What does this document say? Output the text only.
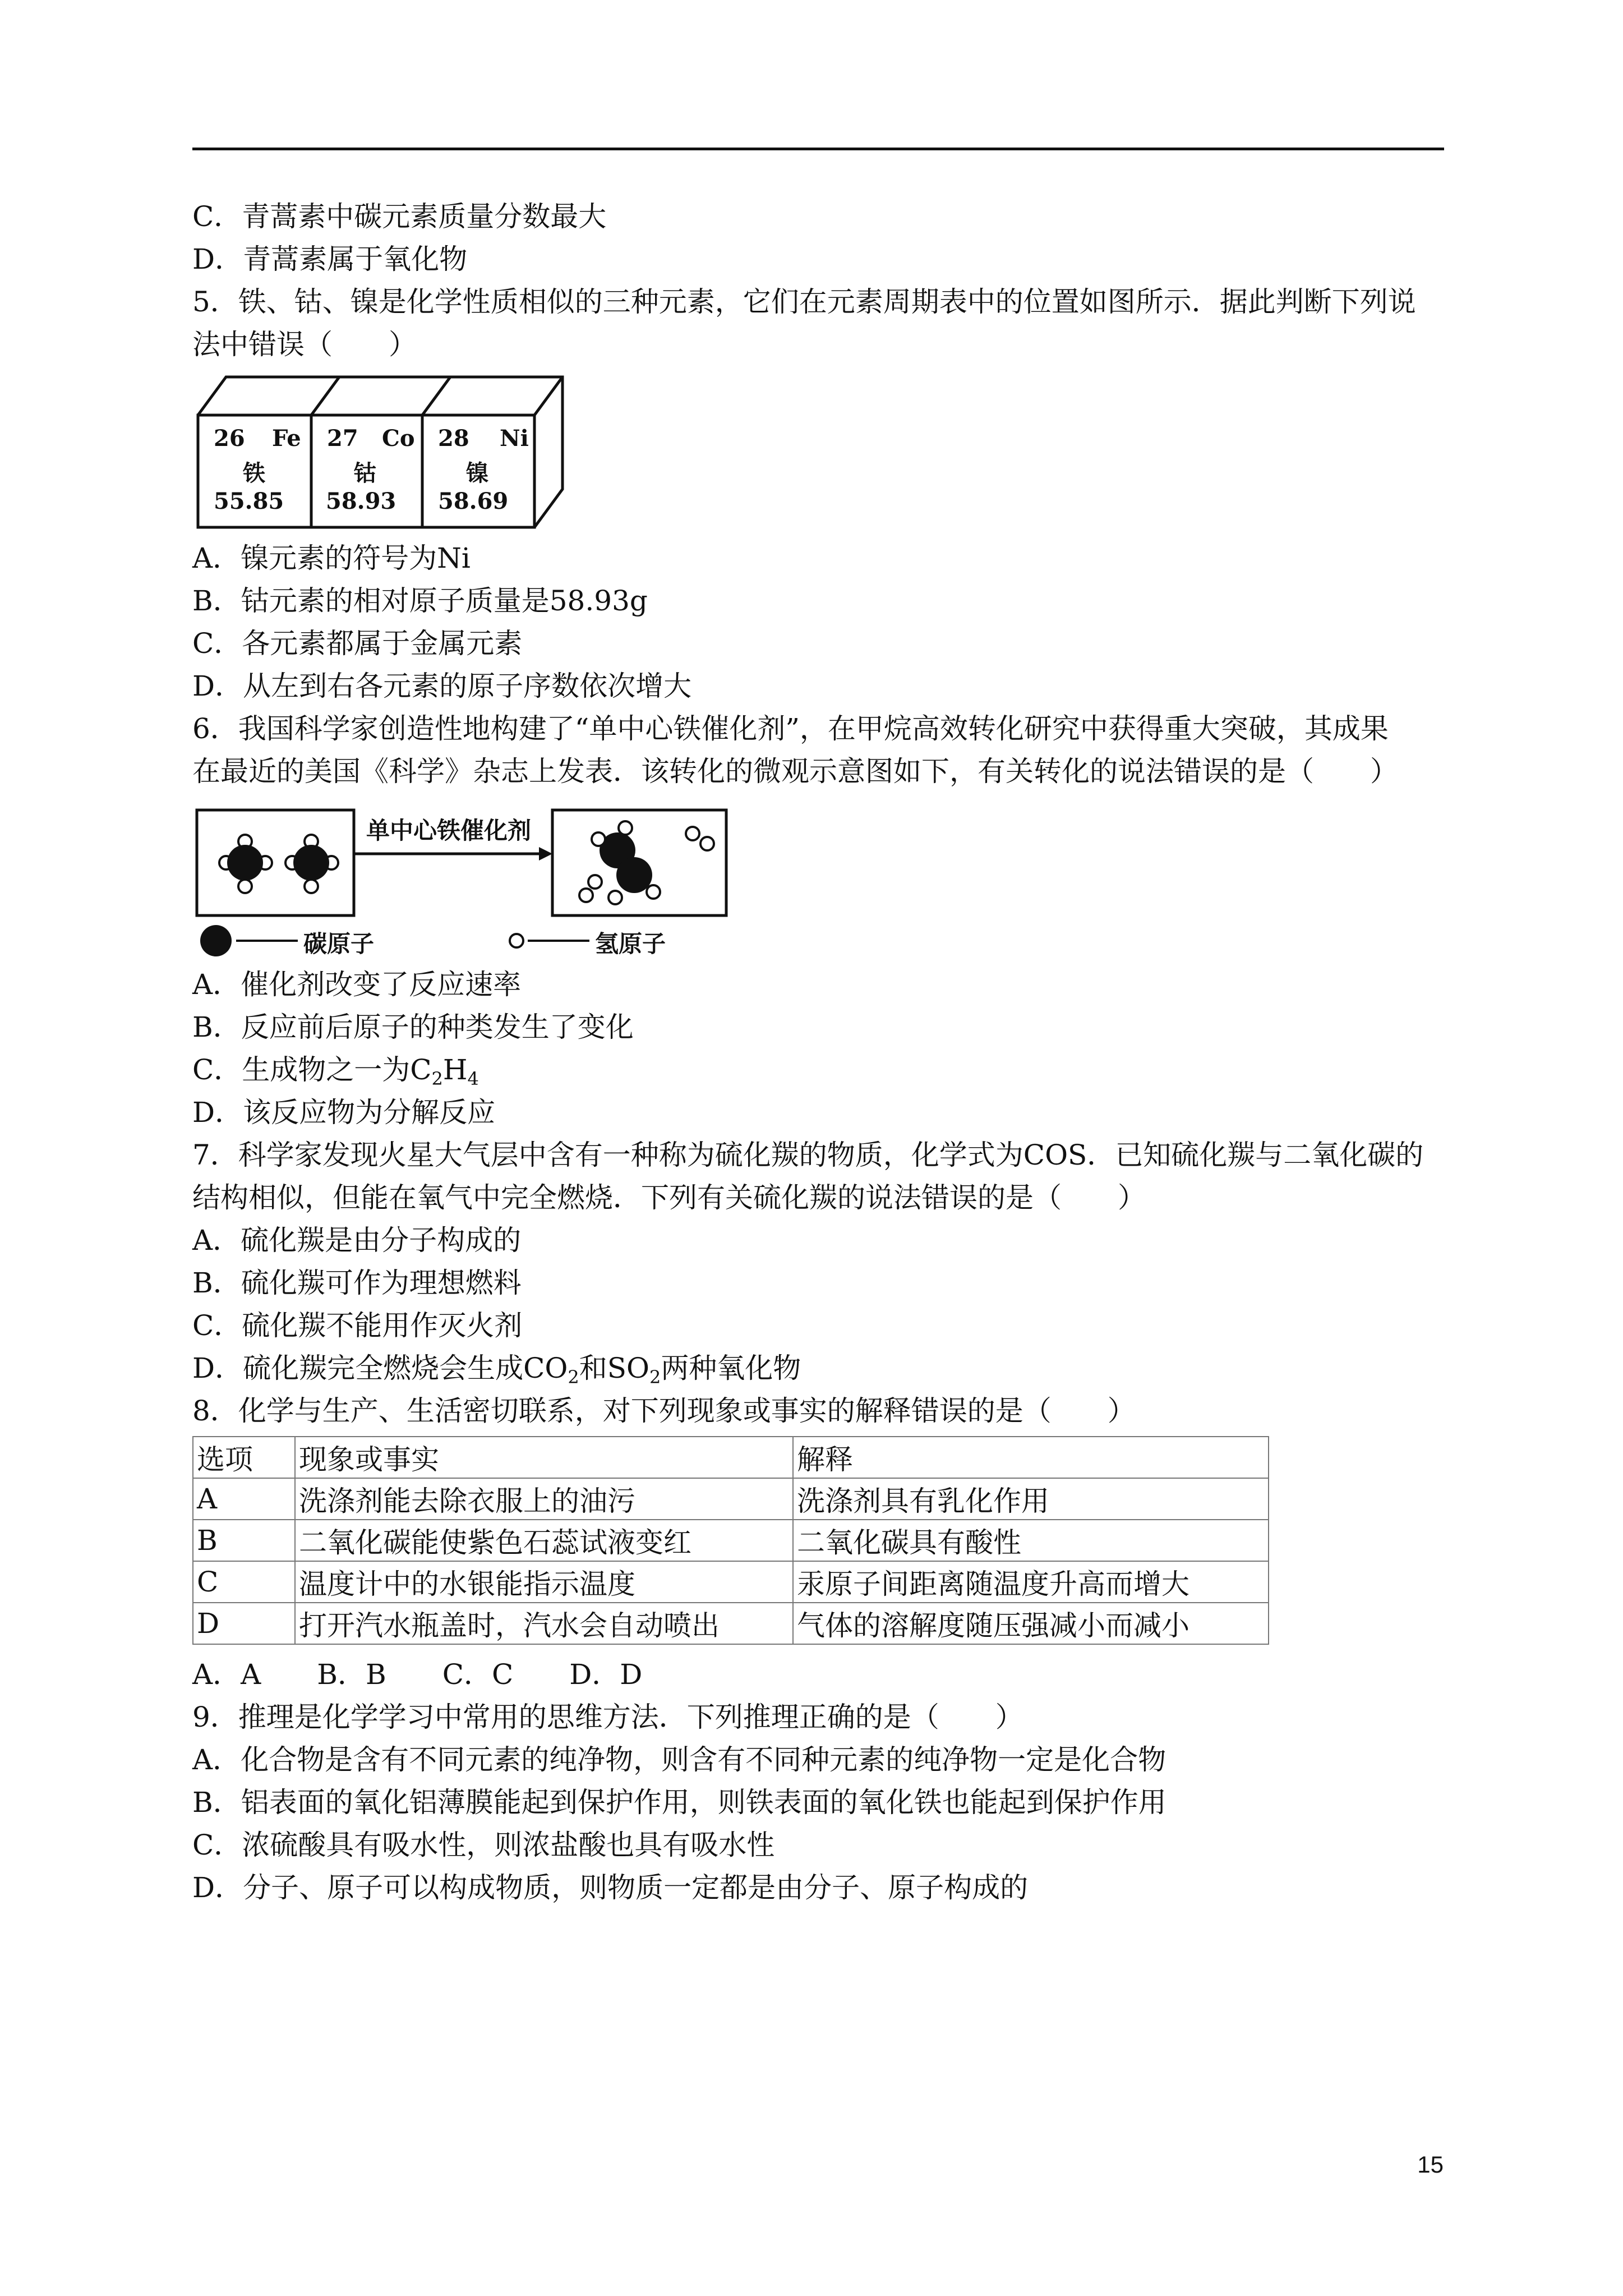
C．青蒿素中碳元素质量分数最大
D．青蒿素属于氧化物
5．铁、钴、镍是化学性质相似的三种元素，它们在元素周期表中的位置如图所示．据此判断下列说
法中错误（　　）
26 Fe
铁
55.85
27 Co
钴
58.93
28 Ni
镍
58.69
A．镍元素的符号为Ni
B．钴元素的相对原子质量是58.93g
C．各元素都属于金属元素
D．从左到右各元素的原子序数依次增大
6．我国科学家创造性地构建了“单中心铁催化剂”，在甲烷高效转化研究中获得重大突破，其成果
在最近的美国《科学》杂志上发表．该转化的微观示意图如下，有关转化的说法错误的是（　　）
单中心铁催化剂
碳原子	氢原子
A．催化剂改变了反应速率
B．反应前后原子的种类发生了变化
C．生成物之一为$C_2H_4$
D．该反应物为分解反应
7．科学家发现火星大气层中含有一种称为硫化羰的物质，化学式为COS．已知硫化羰与二氧化碳的
结构相似，但能在氧气中完全燃烧．下列有关硫化羰的说法错误的是（　　）
A．硫化羰是由分子构成的
B．硫化羰可作为理想燃料
C．硫化羰不能用作灭火剂
D．硫化羰完全燃烧会生成$CO_2$和$SO_2$两种氧化物
8．化学与生产、生活密切联系，对下列现象或事实的解释错误的是（　　）
选项	现象或事实	解释
A	洗涤剂能去除衣服上的油污	洗涤剂具有乳化作用
B	二氧化碳能使紫色石蕊试液变红	二氧化碳具有酸性
C	温度计中的水银能指示温度	汞原子间距离随温度升高而增大
D	打开汽水瓶盖时，汽水会自动喷出	气体的溶解度随压强减小而减小
A．A　　B．B　　C．C　　D．D
9．推理是化学学习中常用的思维方法．下列推理正确的是（　　）
A．化合物是含有不同元素的纯净物，则含有不同种元素的纯净物一定是化合物
B．铝表面的氧化铝薄膜能起到保护作用，则铁表面的氧化铁也能起到保护作用
C．浓硫酸具有吸水性，则浓盐酸也具有吸水性
D．分子、原子可以构成物质，则物质一定都是由分子、原子构成的
15
